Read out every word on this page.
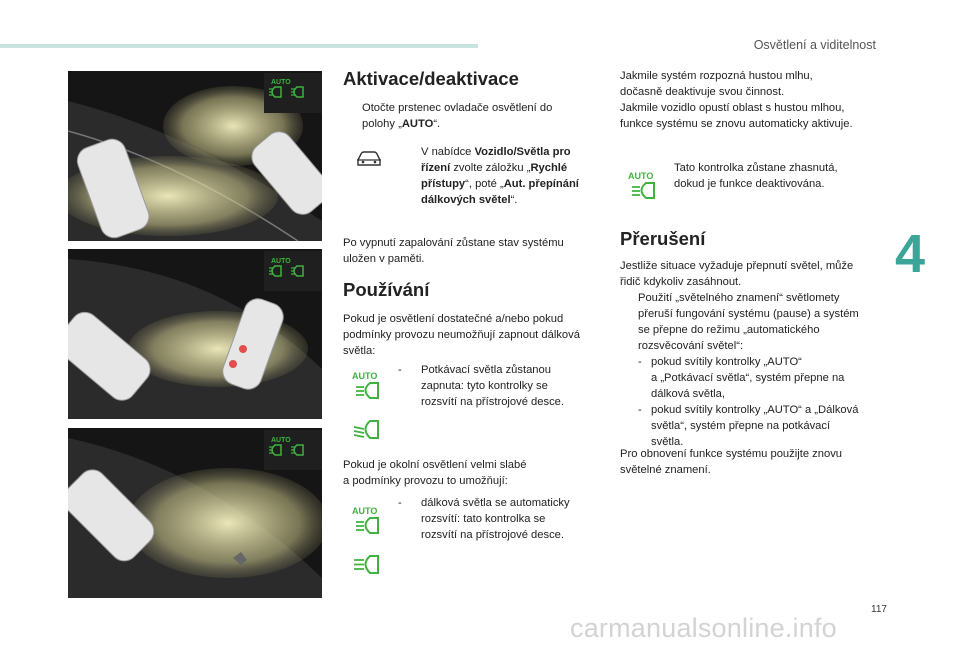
Osvětlení a viditelnost
4
AUTO
AUTO
AUTO
Aktivace/deaktivace

Otočte prstenec ovladače osvětlení do
polohy „AUTO“.

V nabídce Vozidlo/Světla pro
řízení zvolte záložku „Rychlé
přístupy“, poté „Aut. přepínání
dálkových světel“.

Po vypnutí zapalování zůstane stav systému
uložen v paměti.

Používání

Pokud je osvětlení dostatečné a/nebo pokud
podmínky provozu neumožňují zapnout dálková
světla:

AUTO - Potkávací světla zůstanou
zapnuta: tyto kontrolky se
rozsvítí na přístrojové desce.

Pokud je okolní osvětlení velmi slabé
a podmínky provozu to umožňují:

AUTO
- dálková světla se automaticky
rozsvítí: tato kontrolka se
rozsvítí na přístrojové desce.

Jakmile systém rozpozná hustou mlhu,
dočasně deaktivuje svou činnost.
Jakmile vozidlo opustí oblast s hustou mlhou,
funkce systému se znovu automaticky aktivuje.

AUTO

Tato kontrolka zůstane zhasnutá,
dokud je funkce deaktivována.

Přerušení

Jestliže situace vyžaduje přepnutí světel, může
řidič kdykoliv zasáhnout.

Použití „světelného znamení“ světlomety
přeruší fungování systému (pause) a systém
se přepne do režimu „automatického
rozsvěcování světel“:

- pokud svítily kontrolky „AUTO“
a „Potkávací světla“, systém přepne na
dálková světla,

- pokud svítily kontrolky „AUTO“ a „Dálková
světla“, systém přepne na potkávací
světla.

Pro obnovení funkce systému použijte znovu
světelné znamení.

117
carmanualsonline.info
